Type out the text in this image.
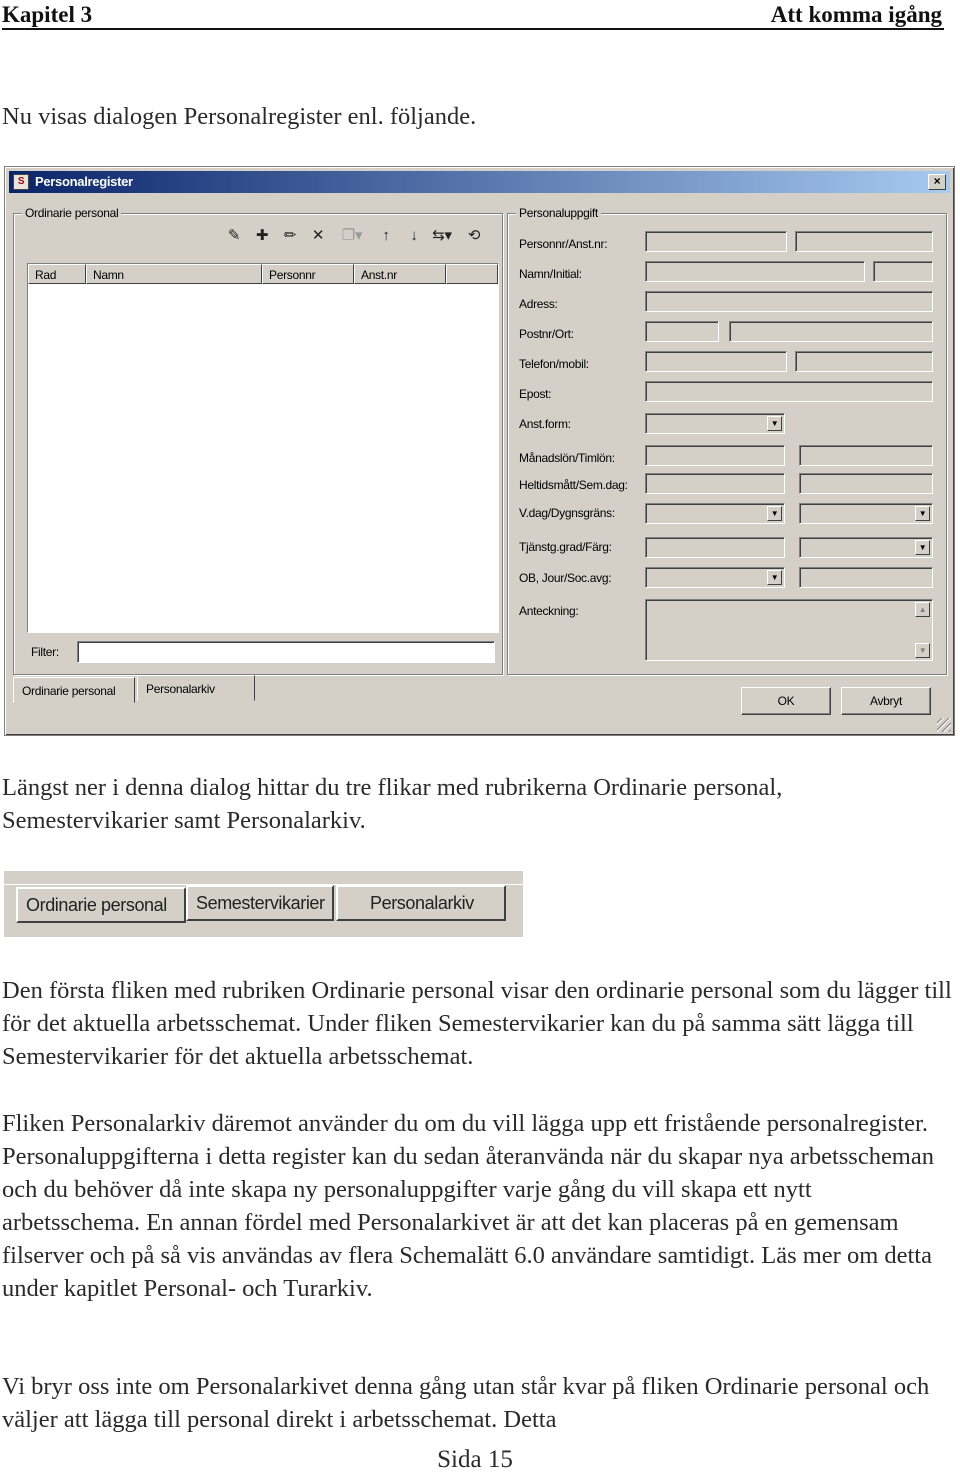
Kapitel 3	Att komma igång

Nu visas dialogen Personalregister enl. följande.

S Personalregister	×
Ordinarie personal
✎	✚	✏	✕	❐▾	↑	↓ ⇆▾	⟲
Rad	Namn	Personnr	Anst.nr
Filter:
Ordinarie personal	Personalarkiv
Personaluppgift
Personnr/Anst.nr:
Namn/Initial:
Adress:
Postnr/Ort:
Telefon/mobil:
Epost:
Anst.form:	▼
Månadslön/Timlön:
Heltidsmått/Sem.dag:
V.dag/Dygnsgräns:	▼	▼
Tjänstg.grad/Färg:	▼
OB, Jour/Soc.avg:	▼
Anteckning:	▲
▼
OK	Avbryt

Längst ner i denna dialog hittar du tre flikar med rubrikerna Ordinarie personal, Semestervikarier samt Personalarkiv.

Ordinarie personal	Semestervikarier	Personalarkiv

Den första fliken med rubriken Ordinarie personal visar den ordinarie personal som du lägger till för det aktuella arbetsschemat. Under fliken Semestervikarier kan du på samma sätt lägga till Semestervikarier för det aktuella arbetsschemat.

Fliken Personalarkiv däremot använder du om du vill lägga upp ett fristående personalregister. Personaluppgifterna i detta register kan du sedan återanvända när du skapar nya arbetsscheman och du behöver då inte skapa ny personaluppgifter varje gång du vill skapa ett nytt arbetsschema. En annan fördel med Personalarkivet är att det kan placeras på en gemensam filserver och på så vis användas av flera Schemalätt 6.0 användare samtidigt. Läs mer om detta under kapitlet Personal- och Turarkiv.

Vi bryr oss inte om Personalarkivet denna gång utan står kvar på fliken Ordinarie personal och väljer att lägga till personal direkt i arbetsschemat. Detta

Sida 15
